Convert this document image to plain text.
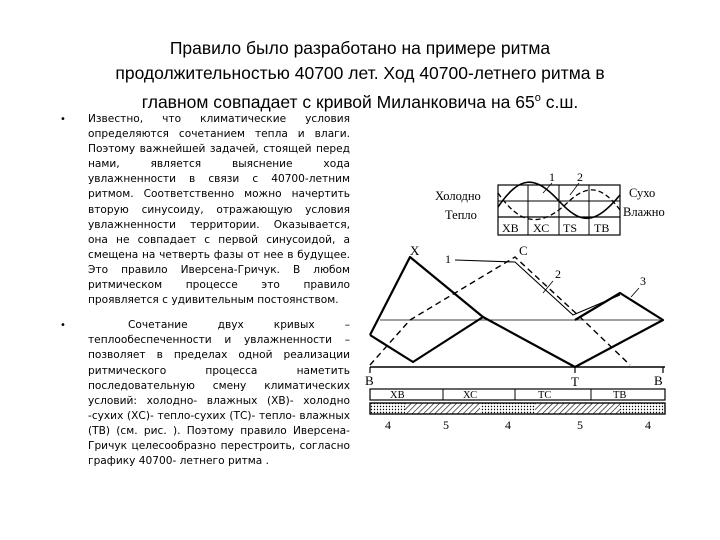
Правило было разработано на примере ритма
продолжительностью 40700 лет. Ход 40700-летнего ритма в
главном совпадает с кривой Миланковича на $65^о$ с.ш.
• Известно, что климатические условия определяются сочетанием тепла и влаги. Поэтому важнейшей задачей, стоящей перед нами, является выяснение хода увлажненности в связи с 40700-летним ритмом. Соответственно можно начертить вторую синусоиду, отражающую условия увлажненности территории. Оказывается, она не совпадает с первой синусоидой, а смещена на четверть фазы от нее в будущее. Это правило Иверсена-Гричук. В любом ритмическом процессе это правило проявляется с удивительным постоянством.
•	Сочетание двух кривых – теплообеспеченности и увлажненности – позволяет в пределах одной реализации ритмического процесса наметить последовательную смену климатических условий: холодно- влажных (ХВ)- холодно -сухих (ХС)- тепло-сухих (ТС)- тепло- влажных (ТВ) (см. рис. ). Поэтому правило Иверсена-Гричук целесообразно перестроить, согласно графику 40700- летнего ритма .
Холодно
Тепло
Сухо
Влажно
1 2
ХВ ХС ТS ТВ
X	C
B	B
T
1
2	3
ХВ	ХС	ТС	ТВ
4	5	4	5	4
